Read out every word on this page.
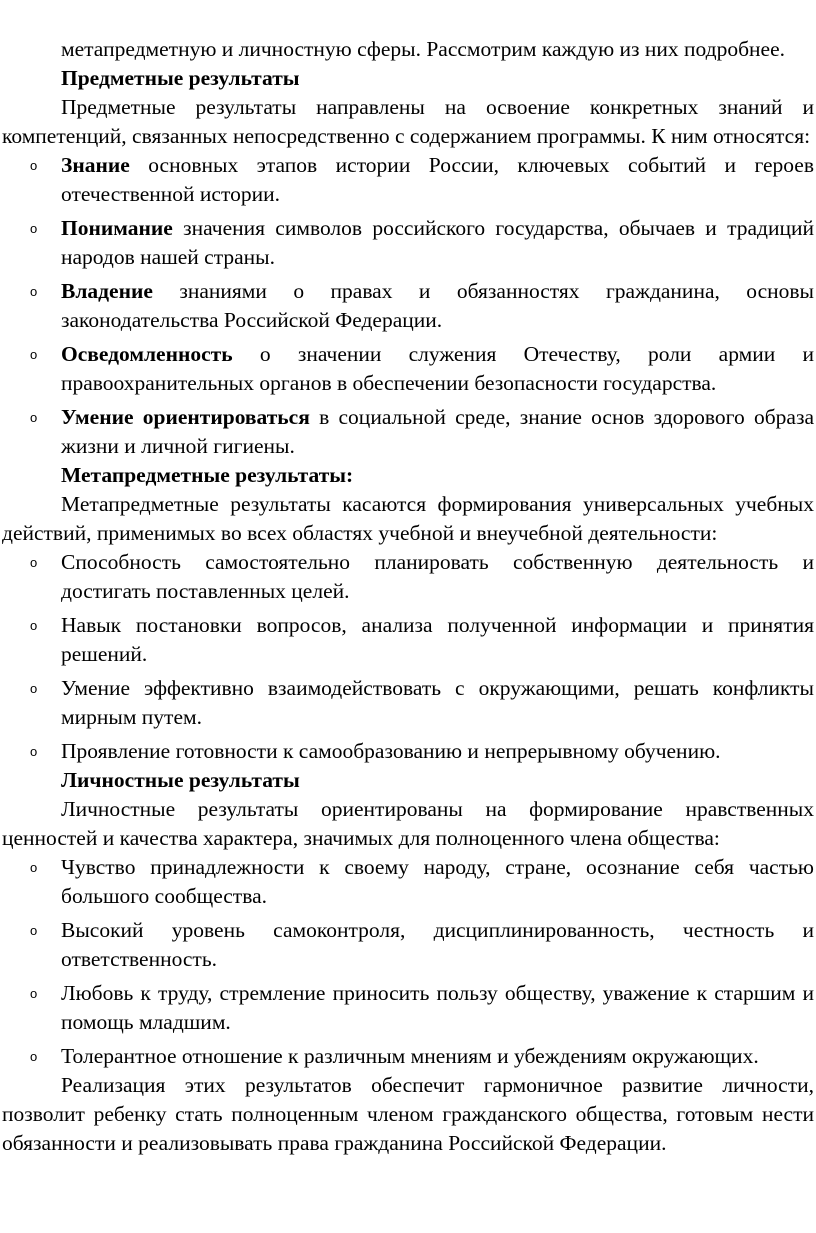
метапредметную и личностную сферы. Рассмотрим каждую из них подробнее.

Предметные результаты

Предметные результаты направлены на освоение конкретных знаний и компетенций, связанных непосредственно с содержанием программы. К ним относятся:

o Знание основных этапов истории России, ключевых событий и героев отечественной истории.
o Понимание значения символов российского государства, обычаев и традиций народов нашей страны.
o Владение знаниями о правах и обязанностях гражданина, основы законодательства Российской Федерации.
o Осведомленность о значении служения Отечеству, роли армии и правоохранительных органов в обеспечении безопасности государства.
o Умение ориентироваться в социальной среде, знание основ здорового образа жизни и личной гигиены.

Метапредметные результаты:

Метапредметные результаты касаются формирования универсальных учебных действий, применимых во всех областях учебной и внеучебной деятельности:

o Способность самостоятельно планировать собственную деятельность и достигать поставленных целей.
o Навык постановки вопросов, анализа полученной информации и принятия решений.
o Умение эффективно взаимодействовать с окружающими, решать конфликты мирным путем.
o Проявление готовности к самообразованию и непрерывному обучению.

Личностные результаты

Личностные результаты ориентированы на формирование нравственных ценностей и качества характера, значимых для полноценного члена общества:

o Чувство принадлежности к своему народу, стране, осознание себя частью большого сообщества.
o Высокий уровень самоконтроля, дисциплинированность, честность и ответственность.
o Любовь к труду, стремление приносить пользу обществу, уважение к старшим и помощь младшим.
o Толерантное отношение к различным мнениям и убеждениям окружающих.

Реализация этих результатов обеспечит гармоничное развитие личности, позволит ребенку стать полноценным членом гражданского общества, готовым нести обязанности и реализовывать права гражданина Российской Федерации.
